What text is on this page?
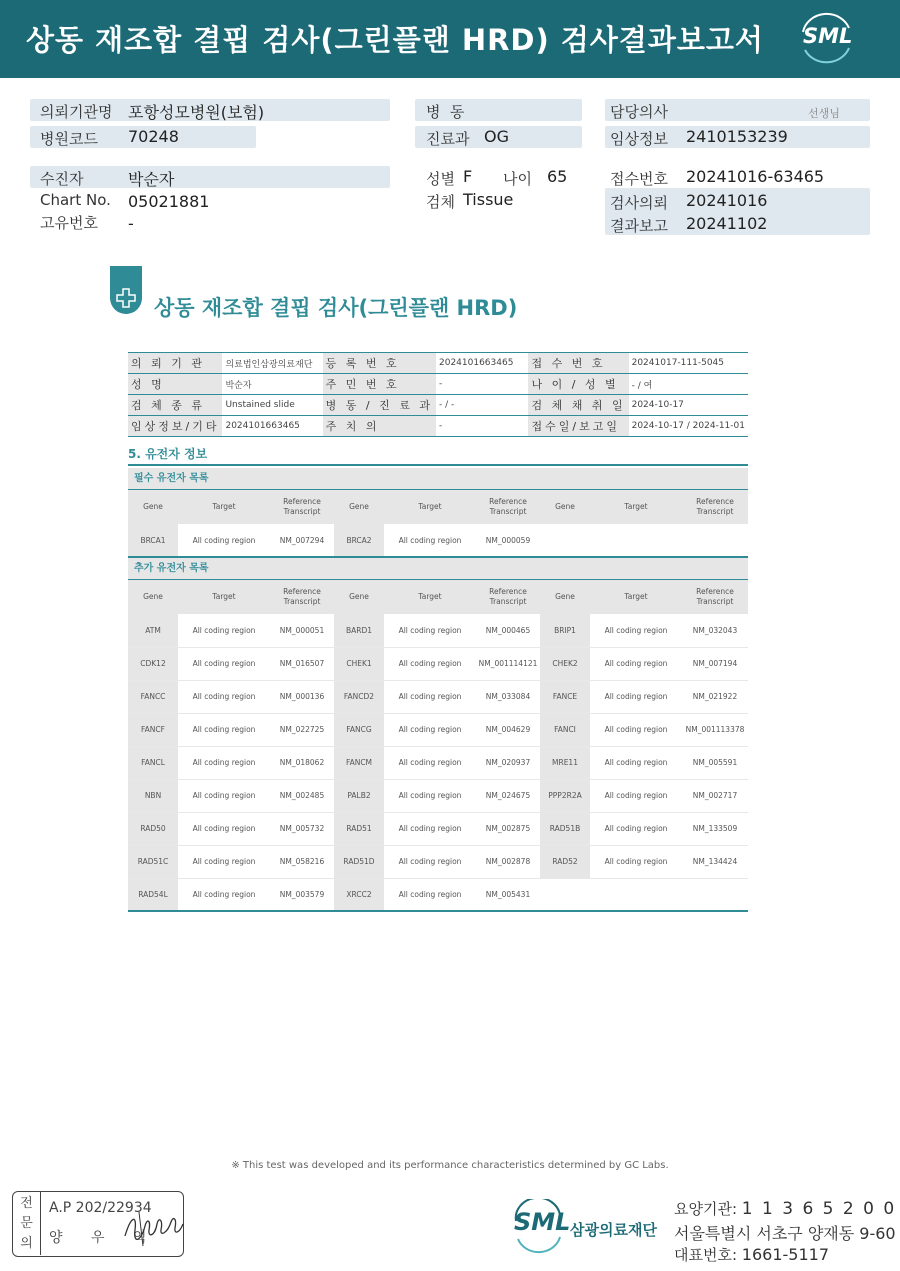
상동 재조합 결핍 검사(그린플랜 HRD) 검사결과보고서 SML
의뢰기관명 포항성모병원(보험)
병원코드 70248
병  동
진료과 OG
담당의사	선생님
임상정보 2410153239
수진자	박순자
Chart No. 05021881
고유번호 -
성별 F 나이 65
검체 Tissue
접수번호 20241016-63465
검사의뢰 20241016
결과보고 20241102
상동 재조합 결핍 검사(그린플랜 HRD)
의 뢰 기 관	의료법인삼광의료재단	등 록 번 호	2024101663465	접 수 번 호	20241017-111-5045
성 명	박순자	주 민 번 호	-	나 이 / 성 별	- / 여
검 체 종 류	Unstained slide	병 동 / 진 료 과	- / -	검 체 채 취 일	2024-10-17
임상정보/기타	2024101663465	주 치 의	-	접수일/보고일	2024-10-17 / 2024-11-01
5. 유전자 정보
필수 유전자 목록
Gene	Target	Reference Transcript	Gene	Target	Reference Transcript	Gene	Target	Reference Transcript
BRCA1	All coding region	NM_007294	BRCA2	All coding region	NM_000059			
추가 유전자 목록
Gene	Target	Reference Transcript	Gene	Target	Reference Transcript	Gene	Target	Reference Transcript
ATM	All coding region	NM_000051	BARD1	All coding region	NM_000465	BRIP1	All coding region	NM_032043
CDK12	All coding region	NM_016507	CHEK1	All coding region	NM_001114121	CHEK2	All coding region	NM_007194
FANCC	All coding region	NM_000136	FANCD2	All coding region	NM_033084	FANCE	All coding region	NM_021922
FANCF	All coding region	NM_022725	FANCG	All coding region	NM_004629	FANCI	All coding region	NM_001113378
FANCL	All coding region	NM_018062	FANCM	All coding region	NM_020937	MRE11	All coding region	NM_005591
NBN	All coding region	NM_002485	PALB2	All coding region	NM_024675	PPP2R2A	All coding region	NM_002717
RAD50	All coding region	NM_005732	RAD51	All coding region	NM_002875	RAD51B	All coding region	NM_133509
RAD51C	All coding region	NM_058216	RAD51D	All coding region	NM_002878	RAD52	All coding region	NM_134424
RAD54L	All coding region	NM_003579	XRCC2	All coding region	NM_005431			
※ This test was developed and its performance characteristics determined by GC Labs.
전
문
의
A.P 202/22934
양 우 익
SML 삼광의료재단
요양기관: 1 1 3 6 5 2 0 0
서울특별시 서초구 양재동 9-60
대표번호: 1661-5117
